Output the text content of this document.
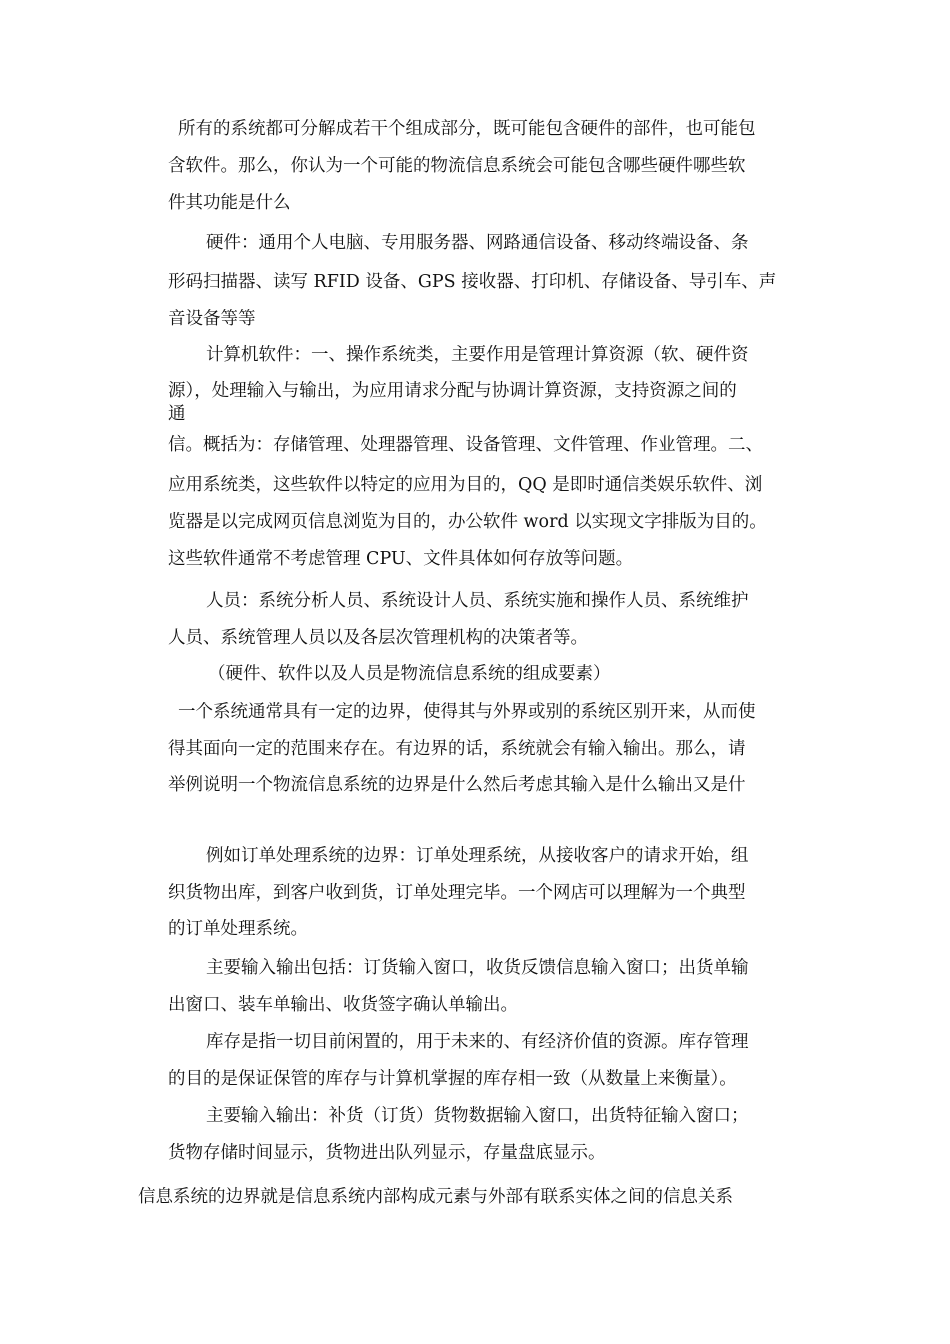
所有的系统都可分解成若干个组成部分，既可能包含硬件的部件，也可能包
含软件。那么，你认为一个可能的物流信息系统会可能包含哪些硬件哪些软
件其功能是什么
硬件：通用个人电脑、专用服务器、网路通信设备、移动终端设备、条
形码扫描器、读写 RFID 设备、GPS 接收器、打印机、存储设备、导引车、声
音设备等等
计算机软件：一、操作系统类，主要作用是管理计算资源（软、硬件资
源），处理输入与输出，为应用请求分配与协调计算资源，支持资源之间的
通
信。概括为：存储管理、处理器管理、设备管理、文件管理、作业管理。二、
应用系统类，这些软件以特定的应用为目的，QQ 是即时通信类娱乐软件、浏
览器是以完成网页信息浏览为目的，办公软件 word 以实现文字排版为目的。
这些软件通常不考虑管理 CPU、文件具体如何存放等问题。
人员：系统分析人员、系统设计人员、系统实施和操作人员、系统维护
人员、系统管理人员以及各层次管理机构的决策者等。
（硬件、软件以及人员是物流信息系统的组成要素）
一个系统通常具有一定的边界，使得其与外界或别的系统区别开来，从而使
得其面向一定的范围来存在。有边界的话，系统就会有输入输出。那么，请
举例说明一个物流信息系统的边界是什么然后考虑其输入是什么输出又是什
例如订单处理系统的边界：订单处理系统，从接收客户的请求开始，组
织货物出库，到客户收到货，订单处理完毕。一个网店可以理解为一个典型
的订单处理系统。
主要输入输出包括：订货输入窗口，收货反馈信息输入窗口；出货单输
出窗口、装车单输出、收货签字确认单输出。
库存是指一切目前闲置的，用于未来的、有经济价值的资源。库存管理
的目的是保证保管的库存与计算机掌握的库存相一致（从数量上来衡量）。
主要输入输出：补货（订货）货物数据输入窗口，出货特征输入窗口；
货物存储时间显示，货物进出队列显示，存量盘底显示。
信息系统的边界就是信息系统内部构成元素与外部有联系实体之间的信息关系
